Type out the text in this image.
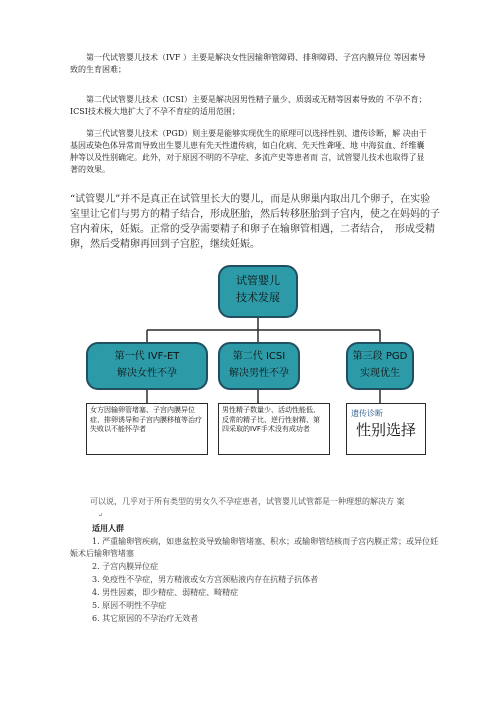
第一代试管婴儿技术（IVF ）主要是解决女性因输卵管障碍、排卵障碍、子宫内膜异位 等因素导致的生育困难；

第二代试管婴儿技术（ICSI）主要是解决因男性精子量少、质弱或无精等因素导致的 不孕不育；ICSI技术极大地扩大了不孕不育症的适用范围；

第三代试管婴儿技术（PGD）则主要是能够实现优生的原理可以选择性别、遗传诊断，解 决由于基因或染色体异常而导致出生婴儿患有先天性遗传病，如白化病、先天性聋哑、地 中海贫血、纤维囊肿等以及性别确定。此外，对于原因不明的不孕症、多流产史等患者而 言，试管婴儿技术也取得了显著的效果。

“试管婴儿”并不是真正在试管里长大的婴儿，而是从卵巢内取出几个卵子，在实验室里让它们与男方的精子结合，形成胚胎，然后转移胚胎到子宫内，使之在妈妈的子宫内着床，妊娠。正常的受孕需要精子和卵子在输卵管相遇，二者结合，　形成受精卵，然后受精卵再回到子宫腔，继续妊娠。

试管婴儿
技术发展
第一代 IVF-ET
解决女性不孕
第二代 ICSI
解决男性不孕
第三段 PGD
实现优生
女方因输卵管堵塞、子宫内膜异位症、排卵诱导和子宫内膜移植等治疗失败以不能怀孕者
男性精子数量少、活动性能低、反常的精子比、逆行性射精、第四采取的IVF手术没有成功者
遗传诊断
性别选择

可以说，几乎对于所有类型的男女久不孕症患者，试管婴儿试管都是一种理想的解决方 案

↵

适用人群

1. 严重输卵管疾病，如患盆腔炎导致输卵管堵塞、积水；或输卵管结核而子宫内膜正常；或异位妊娠术后输卵管堵塞

2. 子宫内膜异位症

3. 免疫性不孕症，男方精液或女方宫颈粘液内存在抗精子抗体者

4. 男性因素，即少精症、弱精症、畸精症

5. 原因不明性不孕症

6. 其它原因的不孕治疗无效者
